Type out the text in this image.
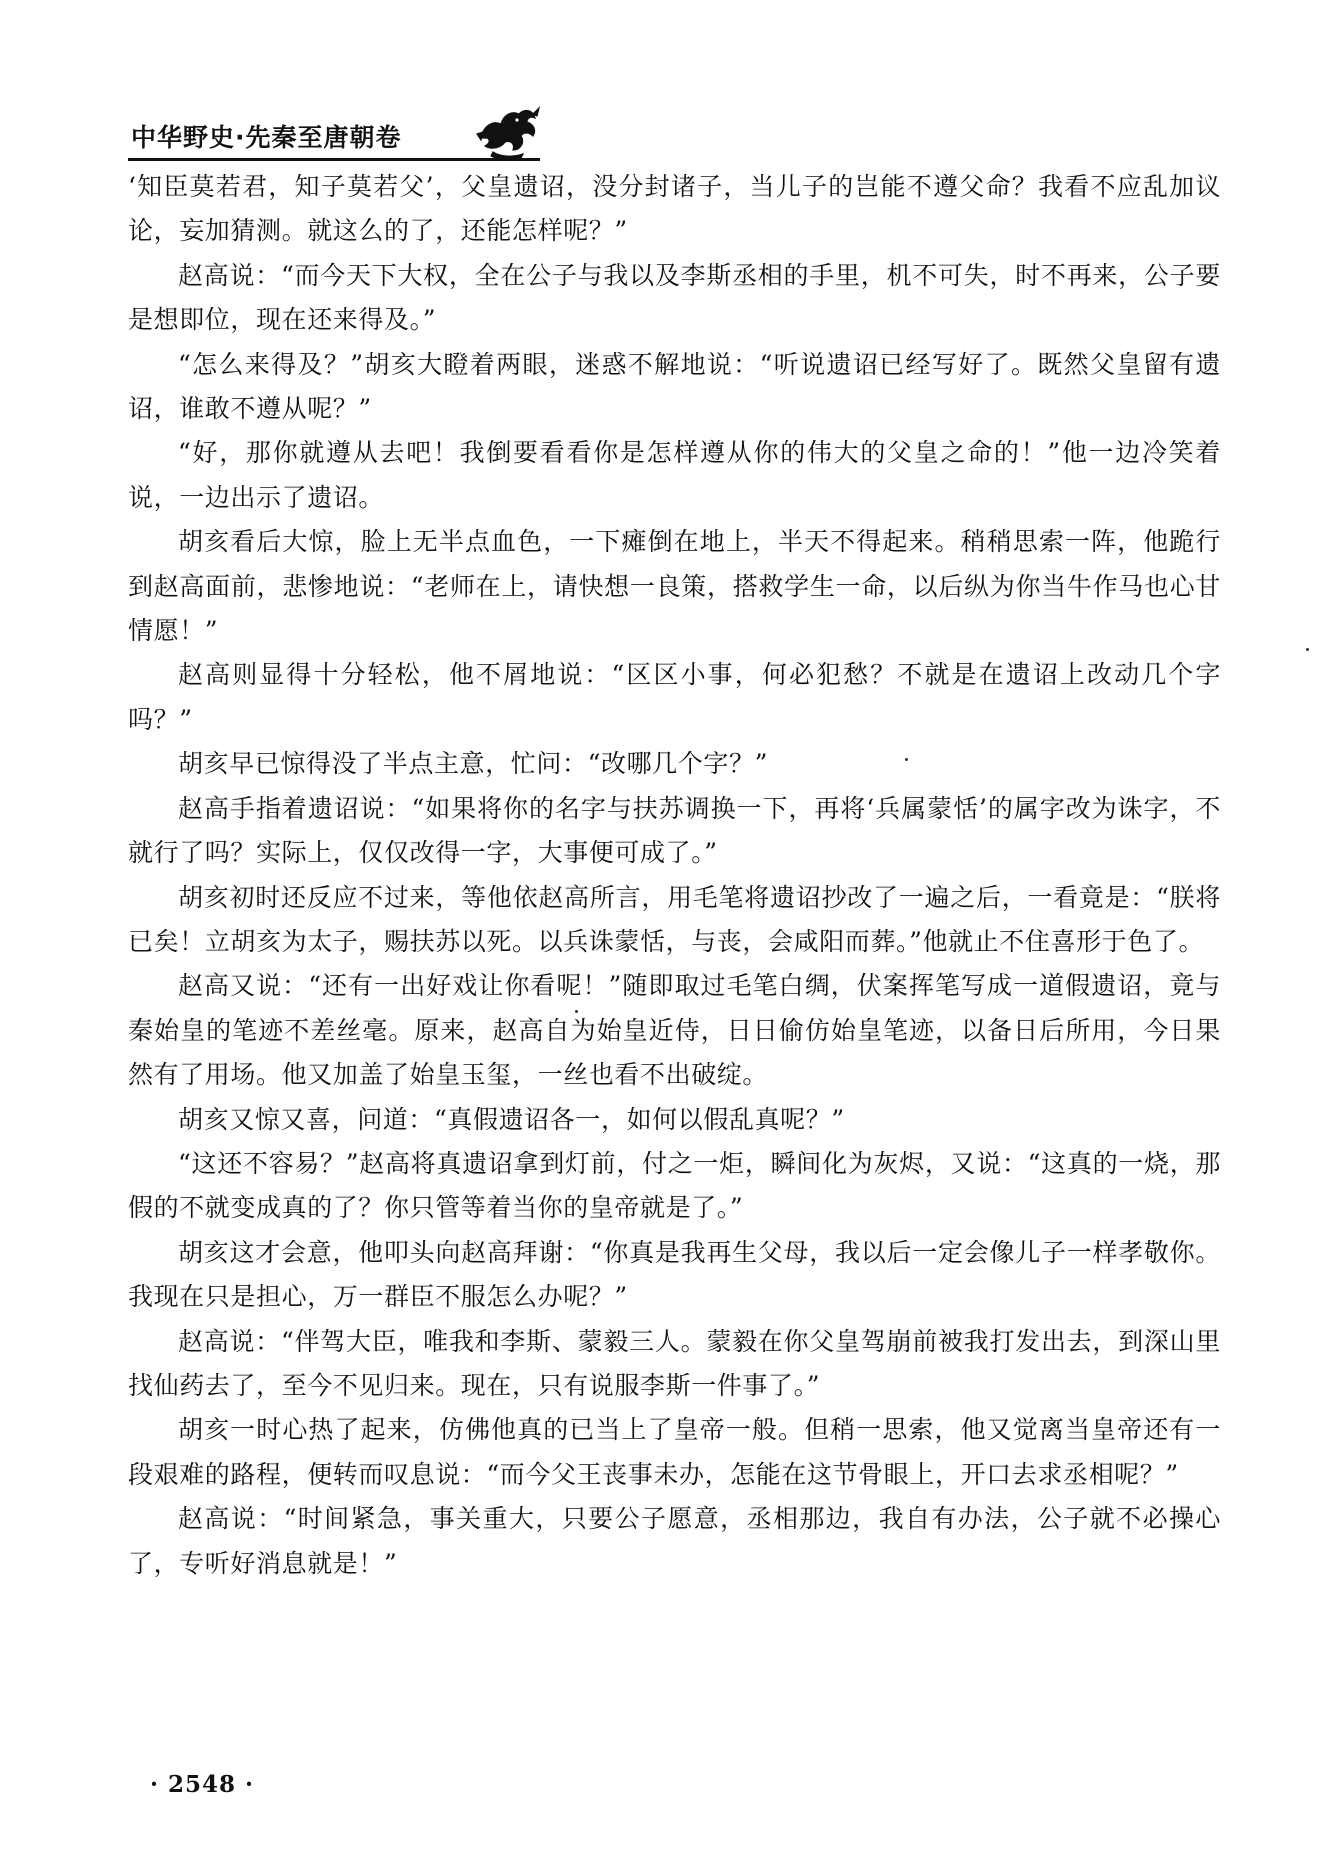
中华野史·先秦至唐朝卷

‘知臣莫若君，知子莫若父’，父皇遗诏，没分封诸子，当儿子的岂能不遵父命？我看不应乱加议论，妄加猜测。就这么的了，还能怎样呢？”

赵高说：“而今天下大权，全在公子与我以及李斯丞相的手里，机不可失，时不再来，公子要是想即位，现在还来得及。”

“怎么来得及？”胡亥大瞪着两眼，迷惑不解地说：“听说遗诏已经写好了。既然父皇留有遗诏，谁敢不遵从呢？”

“好，那你就遵从去吧！我倒要看看你是怎样遵从你的伟大的父皇之命的！”他一边冷笑着说，一边出示了遗诏。

胡亥看后大惊，脸上无半点血色，一下瘫倒在地上，半天不得起来。稍稍思索一阵，他跪行到赵高面前，悲惨地说：“老师在上，请快想一良策，搭救学生一命，以后纵为你当牛作马也心甘情愿！”

赵高则显得十分轻松，他不屑地说：“区区小事，何必犯愁？不就是在遗诏上改动几个字吗？”

胡亥早已惊得没了半点主意，忙问：“改哪几个字？”

赵高手指着遗诏说：“如果将你的名字与扶苏调换一下，再将‘兵属蒙恬’的属字改为诛字，不就行了吗？实际上，仅仅改得一字，大事便可成了。”

胡亥初时还反应不过来，等他依赵高所言，用毛笔将遗诏抄改了一遍之后，一看竟是：“朕将已矣！立胡亥为太子，赐扶苏以死。以兵诛蒙恬，与丧，会咸阳而葬。”他就止不住喜形于色了。

赵高又说：“还有一出好戏让你看呢！”随即取过毛笔白绸，伏案挥笔写成一道假遗诏，竟与秦始皇的笔迹不差丝毫。原来，赵高自为始皇近侍，日日偷仿始皇笔迹，以备日后所用，今日果然有了用场。他又加盖了始皇玉玺，一丝也看不出破绽。

胡亥又惊又喜，问道：“真假遗诏各一，如何以假乱真呢？”

“这还不容易？”赵高将真遗诏拿到灯前，付之一炬，瞬间化为灰烬，又说：“这真的一烧，那假的不就变成真的了？你只管等着当你的皇帝就是了。”

胡亥这才会意，他叩头向赵高拜谢：“你真是我再生父母，我以后一定会像儿子一样孝敬你。我现在只是担心，万一群臣不服怎么办呢？”

赵高说：“伴驾大臣，唯我和李斯、蒙毅三人。蒙毅在你父皇驾崩前被我打发出去，到深山里找仙药去了，至今不见归来。现在，只有说服李斯一件事了。”

胡亥一时心热了起来，仿佛他真的已当上了皇帝一般。但稍一思索，他又觉离当皇帝还有一段艰难的路程，便转而叹息说：“而今父王丧事未办，怎能在这节骨眼上，开口去求丞相呢？”

赵高说：“时间紧急，事关重大，只要公子愿意，丞相那边，我自有办法，公子就不必操心了，专听好消息就是！”

· 2548 ·
